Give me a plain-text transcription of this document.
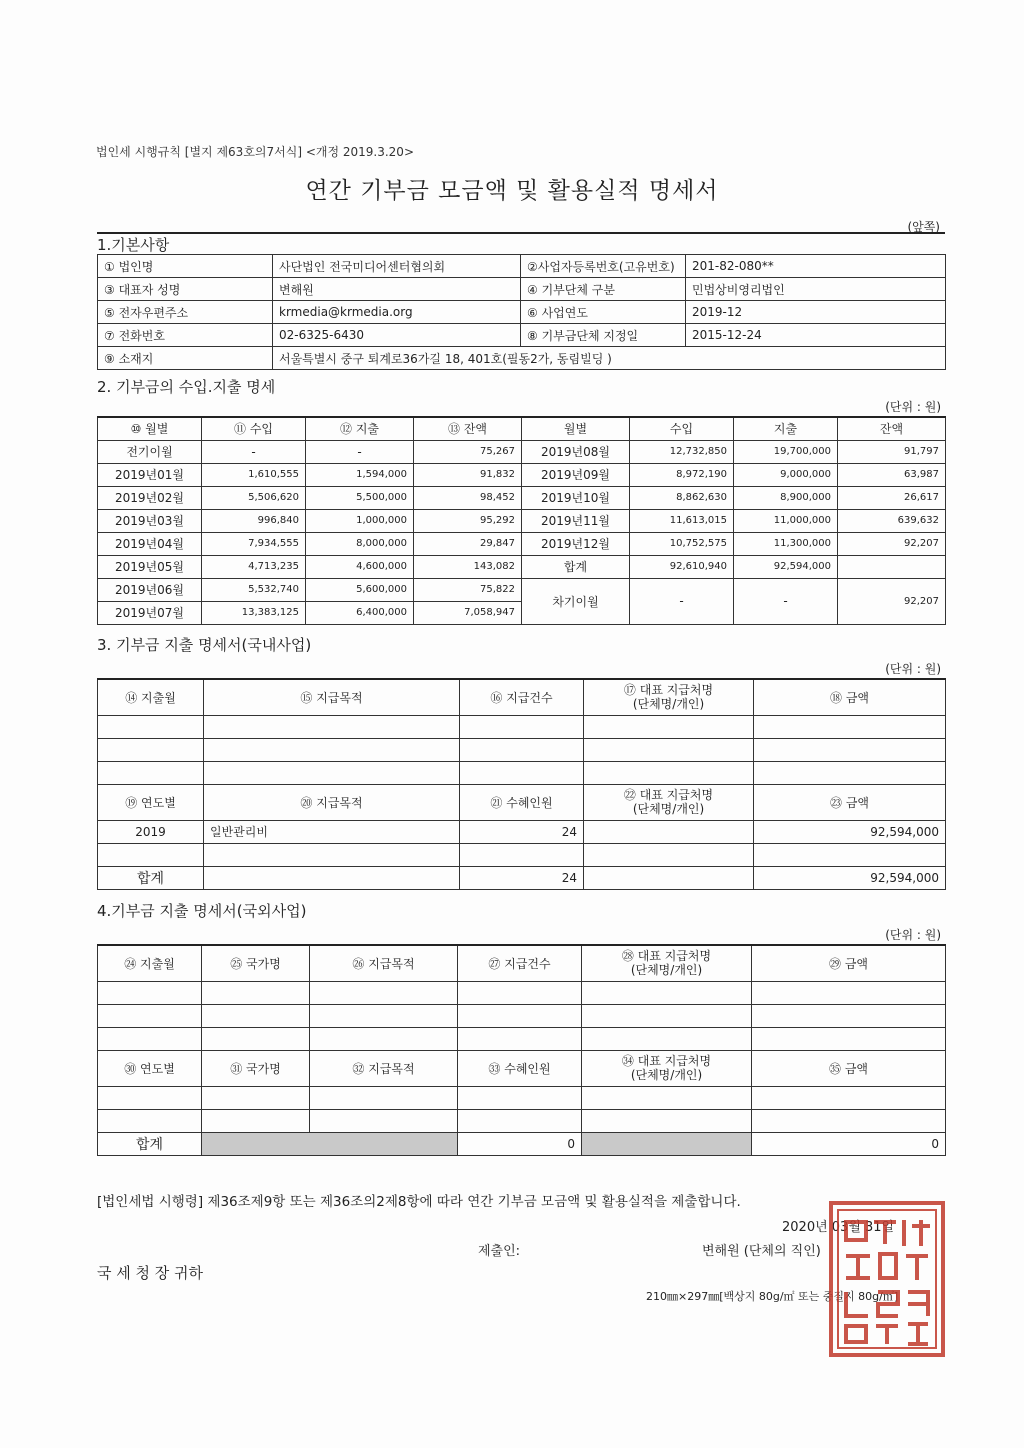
법인세 시행규칙 [별지 제63호의7서식] <개정 2019.3.20>
연간 기부금 모금액 및 활용실적 명세서
(앞쪽)
1.기본사항
① 법인명	사단법인 전국미디어센터협의회	②사업자등록번호(고유번호)	201-82-080**
③ 대표자 성명	변해원	④ 기부단체 구분	민법상비영리법인
⑤ 전자우편주소	krmedia@krmedia.org	⑥ 사업연도	2019-12
⑦ 전화번호	02-6325-6430	⑧ 기부금단체 지정일	2015-12-24
⑨ 소재지	서울특별시 중구 퇴계로36가길 18, 401호(필동2가, 동림빌딩 )		
2. 기부금의 수입.지출 명세
(단위 : 원)
⑩ 월별	⑪ 수입	⑫ 지출	⑬ 잔액	월별	수입	지출	잔액
전기이월	-	-	75,267	2019년08월	12,732,850	19,700,000	91,797
2019년01월	1,610,555	1,594,000	91,832	2019년09월	8,972,190	9,000,000	63,987
2019년02월	5,506,620	5,500,000	98,452	2019년10월	8,862,630	8,900,000	26,617
2019년03월	996,840	1,000,000	95,292	2019년11월	11,613,015	11,000,000	639,632
2019년04월	7,934,555	8,000,000	29,847	2019년12월	10,752,575	11,300,000	92,207
2019년05월	4,713,235	4,600,000	143,082	합계	92,610,940	92,594,000	
2019년06월	5,532,740	5,600,000	75,822	차기이월	-	-	92,207
2019년07월	13,383,125	6,400,000	7,058,947				
3. 기부금 지출 명세서(국내사업)
(단위 : 원)
⑭ 지출월	⑮ 지급목적	⑯ 지급건수	⑰ 대표 지급처명
(단체명/개인)	⑱ 금액

⑲ 연도별	⑳ 지급목적	㉑ 수혜인원	㉒ 대표 지급처명
(단체명/개인)	㉓ 금액
2019	일반관리비	24		92,594,000

합계		24		92,594,000
4.기부금 지출 명세서(국외사업)
(단위 : 원)
㉔ 지출월	㉕ 국가명	㉖ 지급목적	㉗ 지급건수	㉘ 대표 지급처명
(단체명/개인)	㉙ 금액

㉚ 연도별	㉛ 국가명	㉜ 지급목적	㉝ 수혜인원	㉞ 대표 지급처명
(단체명/개인)	㉟ 금액

합계			0		0
[법인세법 시행령] 제36조제9항 또는 제36조의2제8항에 따라 연간 기부금 모금액 및 활용실적을 제출합니다.
2020년 03월 31일
제출인:	변해원 (단체의 직인)
국 세 청 장 귀하
210㎜×297㎜[백상지 80g/㎡ 또는 중질지 80g/㎡]
